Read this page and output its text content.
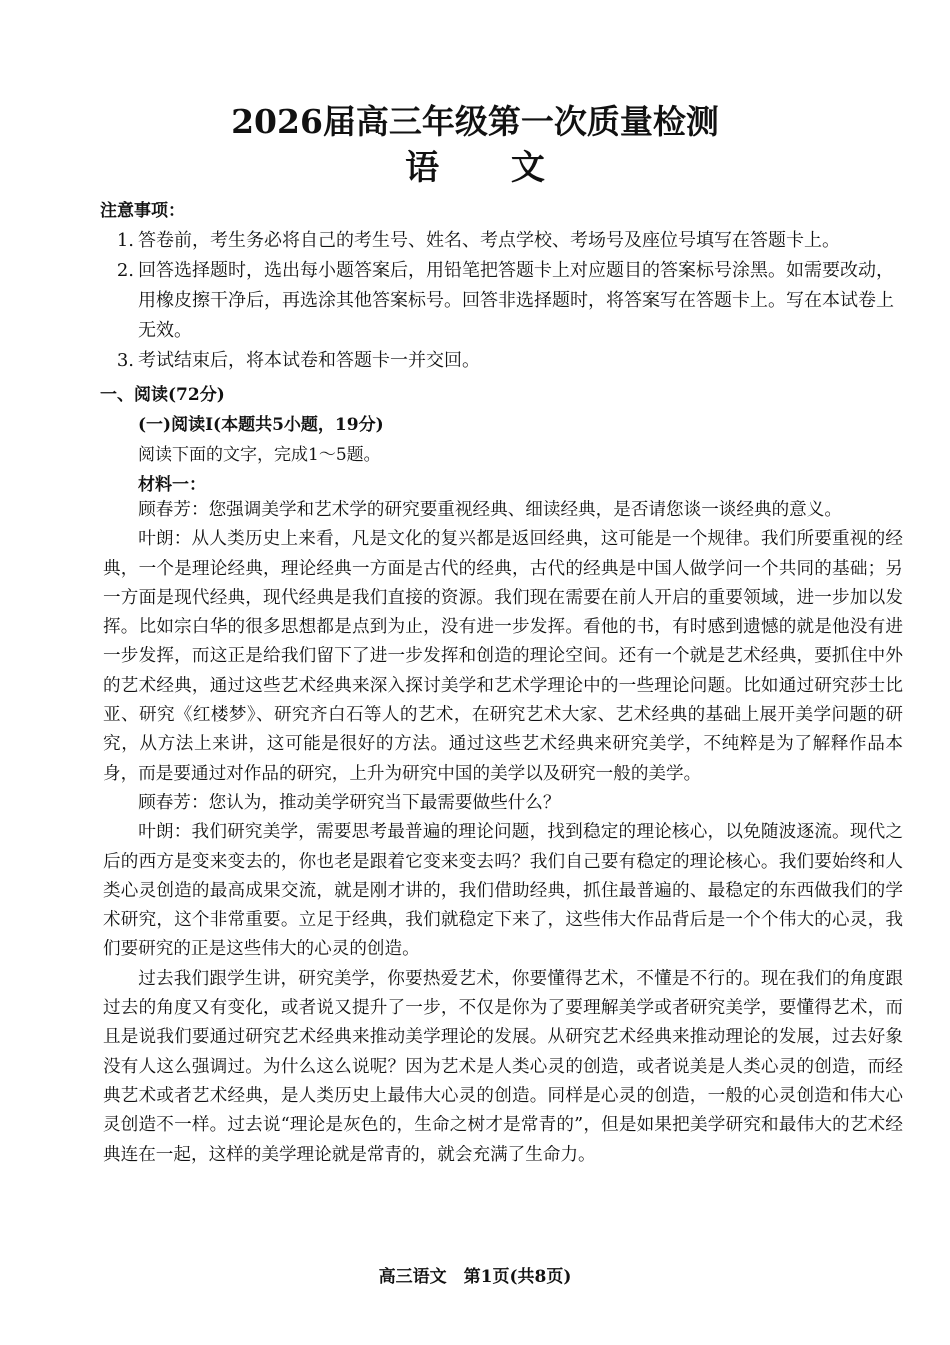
2026届高三年级第一次质量检测
语 文
注意事项：
1. 答卷前，考生务必将自己的考生号、姓名、考点学校、考场号及座位号填写在答题卡上。
2. 回答选择题时，选出每小题答案后，用铅笔把答题卡上对应题目的答案标号涂黑。如需要改动，用橡皮擦干净后，再选涂其他答案标号。回答非选择题时，将答案写在答题卡上。写在本试卷上无效。
3. 考试结束后，将本试卷和答题卡一并交回。
一、阅读(72分)
(一)阅读Ⅰ(本题共5小题，19分)
阅读下面的文字，完成1～5题。
材料一：

顾春芳：您强调美学和艺术学的研究要重视经典、细读经典，是否请您谈一谈经典的意义。

叶朗：从人类历史上来看，凡是文化的复兴都是返回经典，这可能是一个规律。我们所要重视的经典，一个是理论经典，理论经典一方面是古代的经典，古代的经典是中国人做学问一个共同的基础；另一方面是现代经典，现代经典是我们直接的资源。我们现在需要在前人开启的重要领域，进一步加以发挥。比如宗白华的很多思想都是点到为止，没有进一步发挥。看他的书，有时感到遗憾的就是他没有进一步发挥，而这正是给我们留下了进一步发挥和创造的理论空间。还有一个就是艺术经典，要抓住中外的艺术经典，通过这些艺术经典来深入探讨美学和艺术学理论中的一些理论问题。比如通过研究莎士比亚、研究《红楼梦》、研究齐白石等人的艺术，在研究艺术大家、艺术经典的基础上展开美学问题的研究，从方法上来讲，这可能是很好的方法。通过这些艺术经典来研究美学，不纯粹是为了解释作品本身，而是要通过对作品的研究，上升为研究中国的美学以及研究一般的美学。

顾春芳：您认为，推动美学研究当下最需要做些什么？

叶朗：我们研究美学，需要思考最普遍的理论问题，找到稳定的理论核心，以免随波逐流。现代之后的西方是变来变去的，你也老是跟着它变来变去吗？我们自己要有稳定的理论核心。我们要始终和人类心灵创造的最高成果交流，就是刚才讲的，我们借助经典，抓住最普遍的、最稳定的东西做我们的学术研究，这个非常重要。立足于经典，我们就稳定下来了，这些伟大作品背后是一个个伟大的心灵，我们要研究的正是这些伟大的心灵的创造。

过去我们跟学生讲，研究美学，你要热爱艺术，你要懂得艺术，不懂是不行的。现在我们的角度跟过去的角度又有变化，或者说又提升了一步，不仅是你为了要理解美学或者研究美学，要懂得艺术，而且是说我们要通过研究艺术经典来推动美学理论的发展。从研究艺术经典来推动理论的发展，过去好象没有人这么强调过。为什么这么说呢？因为艺术是人类心灵的创造，或者说美是人类心灵的创造，而经典艺术或者艺术经典，是人类历史上最伟大心灵的创造。同样是心灵的创造，一般的心灵创造和伟大心灵创造不一样。过去说“理论是灰色的，生命之树才是常青的”，但是如果把美学研究和最伟大的艺术经典连在一起，这样的美学理论就是常青的，就会充满了生命力。

高三语文　第1页(共8页)
